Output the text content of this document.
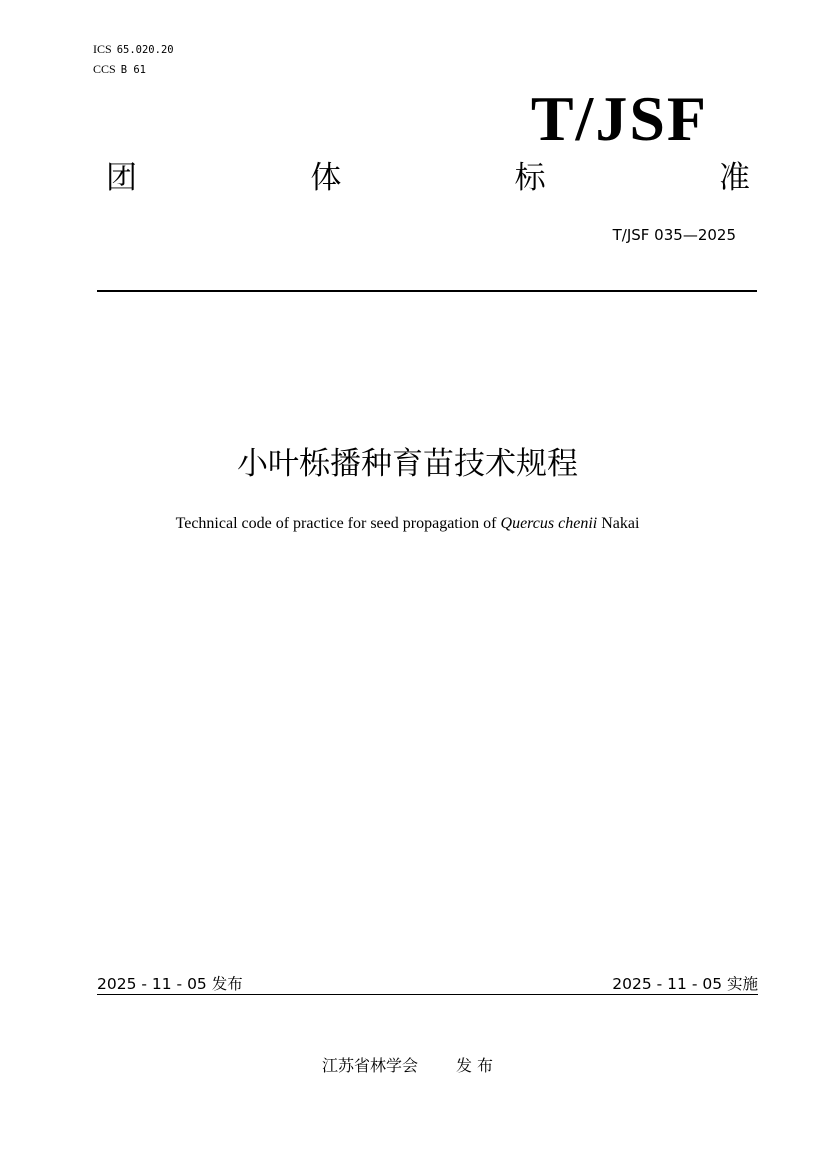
ICS 65.020.20
CCS B 61
T/JSF
团	体	标	准
T/JSF 035—2025
小叶栎播种育苗技术规程
Technical code of practice for seed propagation of Quercus chenii Nakai
2025 - 11 - 05 发布	2025 - 11 - 05 实施
江苏省林学会 发 布
